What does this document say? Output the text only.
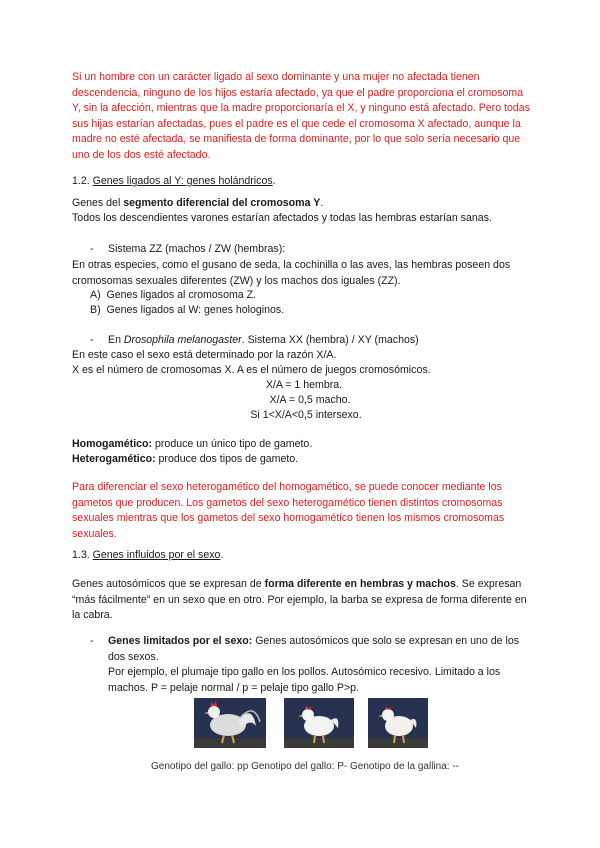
Si un hombre con un carácter ligado al sexo dominante y una mujer no afectada tienen descendencia, ninguno de los hijos estaría afectado, ya que el padre proporciona el cromosoma Y, sin la afección, mientras que la madre proporcionaría el X, y ninguno está afectado. Pero todas sus hijas estarían afectadas, pues el padre es el que cede el cromosoma X afectado, aunque la madre no esté afectada, se manifiesta de forma dominante, por lo que solo sería necesario que uno de los dos esté afectado.
1.2. Genes ligados al Y: genes holándricos.
Genes del segmento diferencial del cromosoma Y.
Todos los descendientes varones estarían afectados y todas las hembras estarían sanas.
- Sistema ZZ (machos / ZW (hembras):
En otras especies, como el gusano de seda, la cochinilla o las aves, las hembras poseen dos cromosomas sexuales diferentes (ZW) y los machos dos iguales (ZZ).
A) Genes ligados al cromosoma Z.
B) Genes ligados al W: genes hologinos.
- En Drosophila melanogaster. Sistema XX (hembra) / XY (machos)
En este caso el sexo está determinado por la razón X/A.
X es el número de cromosomas X. A es el número de juegos cromosómicos.
X/A = 1 hembra.
X/A = 0,5 macho.
Si 1<X/A<0,5 intersexo.
Homogamético: produce un único tipo de gameto.
Heterogamético: produce dos tipos de gameto.
Para diferenciar el sexo heterogamético del homogamético, se puede conocer mediante los gametos que producen. Los gametos del sexo heterogamético tienen distintos cromosomas sexuales mientras que los gametos del sexo homogamético tienen los mismos cromosomas sexuales.
1.3. Genes influidos por el sexo.
Genes autosómicos que se expresan de forma diferente en hembras y machos. Se expresan “más fácilmente” en un sexo que en otro. Por ejemplo, la barba se expresa de forma diferente en la cabra.
- Genes limitados por el sexo: Genes autosómicos que solo se expresan en uno de los dos sexos.
Por ejemplo, el plumaje tipo gallo en los pollos. Autosómico recesivo. Limitado a los machos. P = pelaje normal / p = pelaje tipo gallo P>p.
Genotipo del gallo: pp Genotipo del gallo: P- Genotipo de la gallina: --
